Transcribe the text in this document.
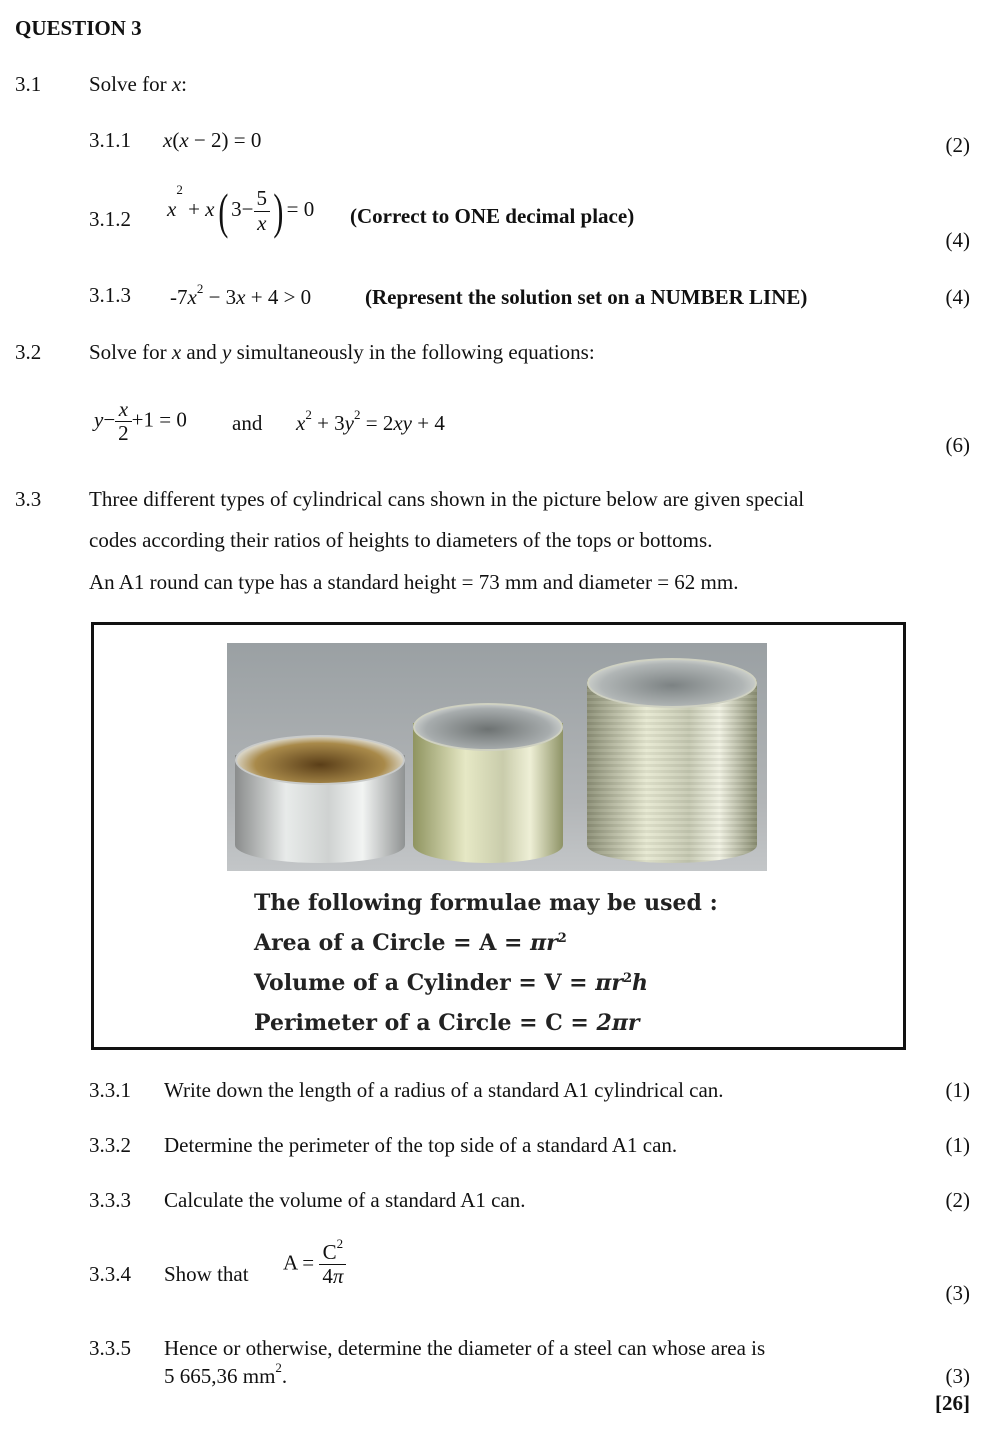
QUESTION 3
3.1 Solve for x:
3.1.1 x(x − 2) = 0	(2)
3.1.2 $x^2 + x$( $3- \frac{5}{x}$ ) = 0 (Correct to ONE decimal place)
(4)
3.1.3 $-7x^2 - 3x + 4 > 0$	(Represent the solution set on a NUMBER LINE)	(4)
3.2 Solve for x and y simultaneously in the following equations:
$y- \frac{x}{2} +1 = 0$ and $x^2 + 3y^2 = 2xy + 4$
(6)
3.3 Three different types of cylindrical cans shown in the picture below are given special
codes according their ratios of heights to diameters of the tops or bottoms.
An A1 round can type has a standard height = 73 mm and diameter = 62 mm.
The following formulae may be used :
Area of a Circle = $A = \pi r^2$
Volume of a Cylinder = $V = \pi r^2h$
Perimeter of a Circle = C = 2πr
3.3.1 Write down the length of a radius of a standard A1 cylindrical can.	(1)
3.3.2 Determine the perimeter of the top side of a standard A1 can.	(1)
3.3.3 Calculate the volume of a standard A1 can.	(2)
3.3.4 Show that $A = \frac{C^2}{4\pi}$
(3)
3.3.5 Hence or otherwise, determine the diameter of a steel can whose area is
5 665,36 $mm^2$.	(3)
[26]
